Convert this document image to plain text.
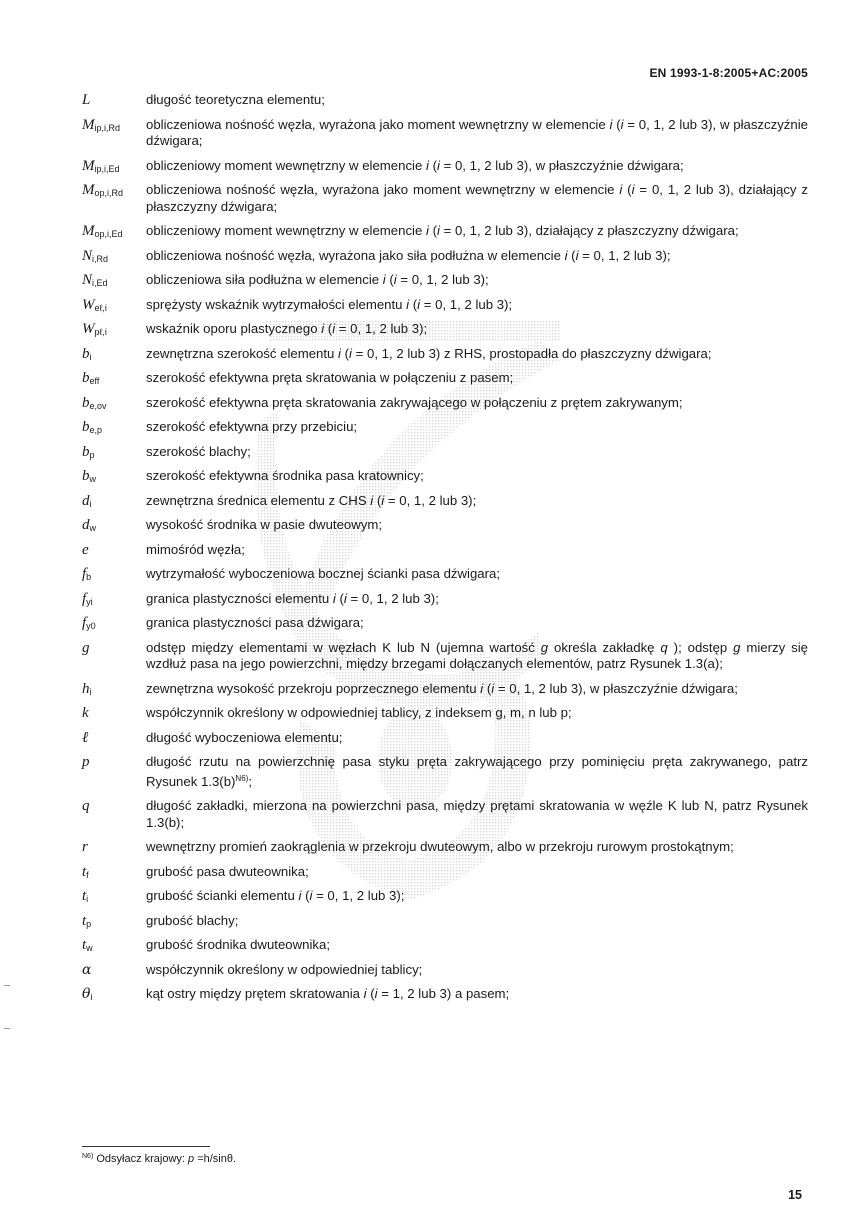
EN 1993-1-8:2005+AC:2005
L	długość teoretyczna elementu;
$M_{ip,i,Rd}$	obliczeniowa nośność węzła, wyrażona jako moment wewnętrzny w elemencie i (i = 0, 1, 2 lub 3), w płaszczyźnie dźwigara;
$M_{ip,i,Ed}$	obliczeniowy moment wewnętrzny w elemencie i (i = 0, 1, 2 lub 3), w płaszczyźnie dźwigara;
$M_{op,i,Rd}$	obliczeniowa nośność węzła, wyrażona jako moment wewnętrzny w elemencie i (i = 0, 1, 2 lub 3), działający z płaszczyzny dźwigara;
$M_{op,i,Ed}$	obliczeniowy moment wewnętrzny w elemencie i (i = 0, 1, 2 lub 3), działający z płaszczyzny dźwigara;
$N_{i,Rd}$	obliczeniowa nośność węzła, wyrażona jako siła podłużna w elemencie i (i = 0, 1, 2 lub 3);
$N_{i,Ed}$	obliczeniowa siła podłużna w elemencie i (i = 0, 1, 2 lub 3);
$W_{e\ell,i}$	sprężysty wskaźnik wytrzymałości elementu i (i = 0, 1, 2 lub 3);
$W_{p\ell,i}$	wskaźnik oporu plastycznego i (i = 0, 1, 2 lub 3);
$b_i$	zewnętrzna szerokość elementu i (i = 0, 1, 2 lub 3) z RHS, prostopadła do płaszczyzny dźwigara;
$b_{eff}$	szerokość efektywna pręta skratowania w połączeniu z pasem;
$b_{e,ov}$	szerokość efektywna pręta skratowania zakrywającego w połączeniu z prętem zakrywanym;
$b_{e,p}$	szerokość efektywna przy przebiciu;
$b_p$	szerokość blachy;
$b_w$	szerokość efektywna środnika pasa kratownicy;
$d_i$	zewnętrzna średnica elementu z CHS i (i = 0, 1, 2 lub 3);
$d_w$	wysokość środnika w pasie dwuteowym;
e	mimośród węzła;
$f_b$	wytrzymałość wyboczeniowa bocznej ścianki pasa dźwigara;
$f_{yi}$	granica plastyczności elementu i (i = 0, 1, 2 lub 3);
$f_{y0}$	granica plastyczności pasa dźwigara;
g	odstęp między elementami w węzłach K lub N (ujemna wartość g określa zakładkę q ); odstęp g mierzy się wzdłuż pasa na jego powierzchni, między brzegami dołączanych elementów, patrz Rysunek 1.3(a);
$h_i$	zewnętrzna wysokość przekroju poprzecznego elementu i (i = 0, 1, 2 lub 3), w płaszczyźnie dźwigara;
k	współczynnik określony w odpowiedniej tablicy, z indeksem g, m, n lub p;
ℓ	długość wyboczeniowa elementu;
p	długość rzutu na powierzchnię pasa styku pręta zakrywającego przy pominięciu pręta zakrywanego, patrz Rysunek $1.3(b)^{N6)}$;
q	długość zakładki, mierzona na powierzchni pasa, między prętami skratowania w węźle K lub N, patrz Rysunek 1.3(b);
r	wewnętrzny promień zaokrąglenia w przekroju dwuteowym, albo w przekroju rurowym prostokątnym;
$t_f$	grubość pasa dwuteownika;
$t_i$	grubość ścianki elementu i (i = 0, 1, 2 lub 3);
$t_p$	grubość blachy;
$t_w$	grubość środnika dwuteownika;
α	współczynnik określony w odpowiedniej tablicy;
$\theta_i$	kąt ostry między prętem skratowania i (i = 1, 2 lub 3) a pasem;
$^{N6)}$ Odsyłacz krajowy: p =h/sinθ.
15
